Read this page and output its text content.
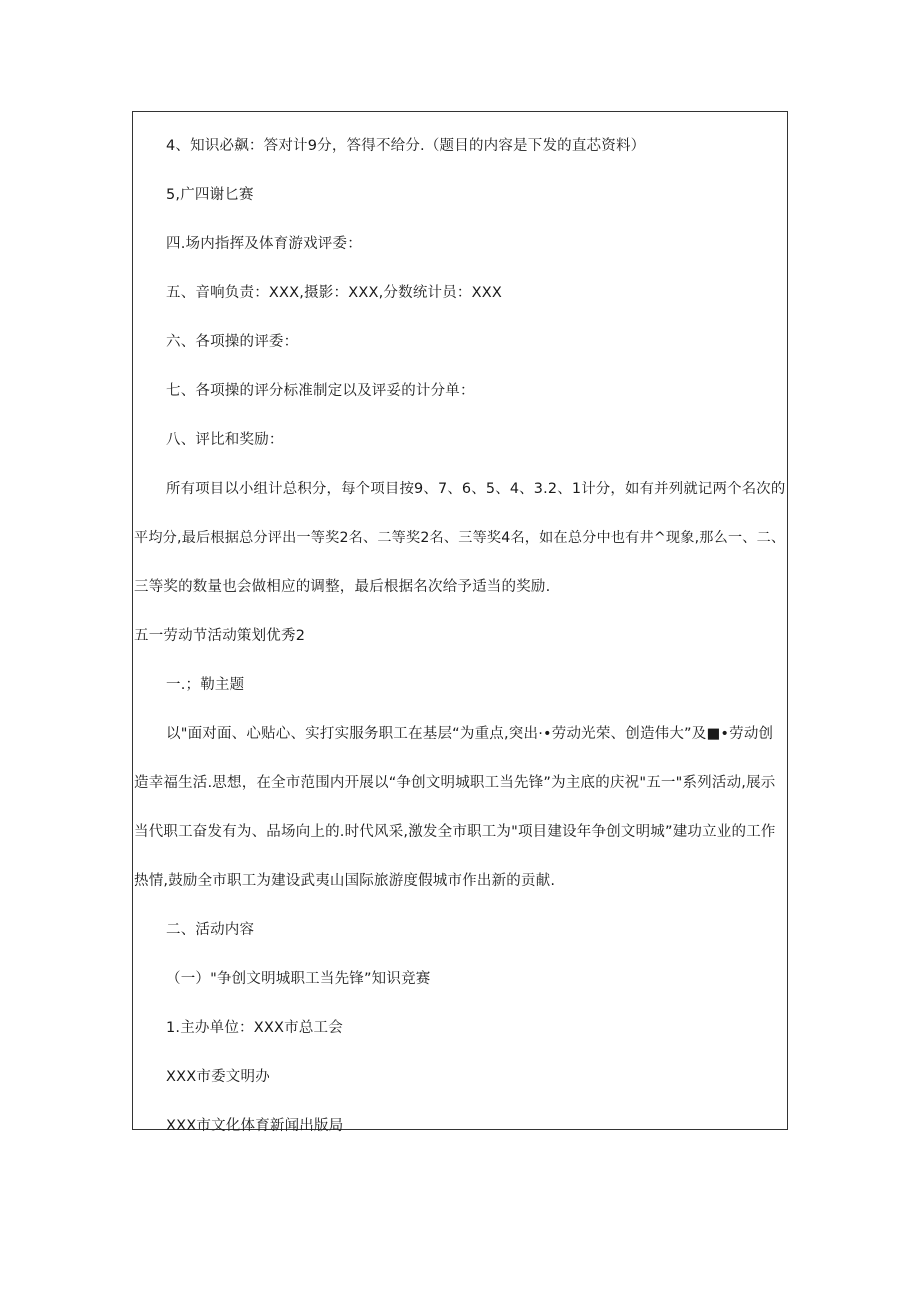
4、知识必飙：答对计9分，答得不给分.（题目的内容是下发的直芯资料）
5,广四谢匕赛
四.场内指挥及体育游戏评委：
五、音响负责：XXX,摄影：XXX,分数统计员：XXX
六、各项操的评委：
七、各项操的评分标准制定以及评妥的计分单：
八、评比和奖励：
所有项目以小组计总积分，每个项目按9、7、6、5、4、3.2、1计分，如有并列就记两个名次的
平均分,最后根据总分评出一等奖2名、二等奖2名、三等奖4名，如在总分中也有井^现象,那么一、二、
三等奖的数量也会做相应的调整，最后根据名次给予适当的奖励.
五一劳动节活动策划优秀2
一.；勒主题
以"面对面、心贴心、实打实服务职工在基层“为重点,突出·•劳动光荣、创造伟大”及■•劳动创
造幸福生活.思想，在全市范围内开展以“争创文明城职工当先锋”为主底的庆祝"五一"系列活动,展示
当代职工奋发有为、品场向上的.时代风采,激发全市职工为"项目建设年争创文明城”建功立业的工作
热情,鼓励全市职工为建设武夷山国际旅游度假城市作出新的贡献.
二、活动内容
（一）"争创文明城职工当先锋”知识竞赛
1.主办单位：XXX市总工会
XXX市委文明办
XXX市文化体育新闻出版局
